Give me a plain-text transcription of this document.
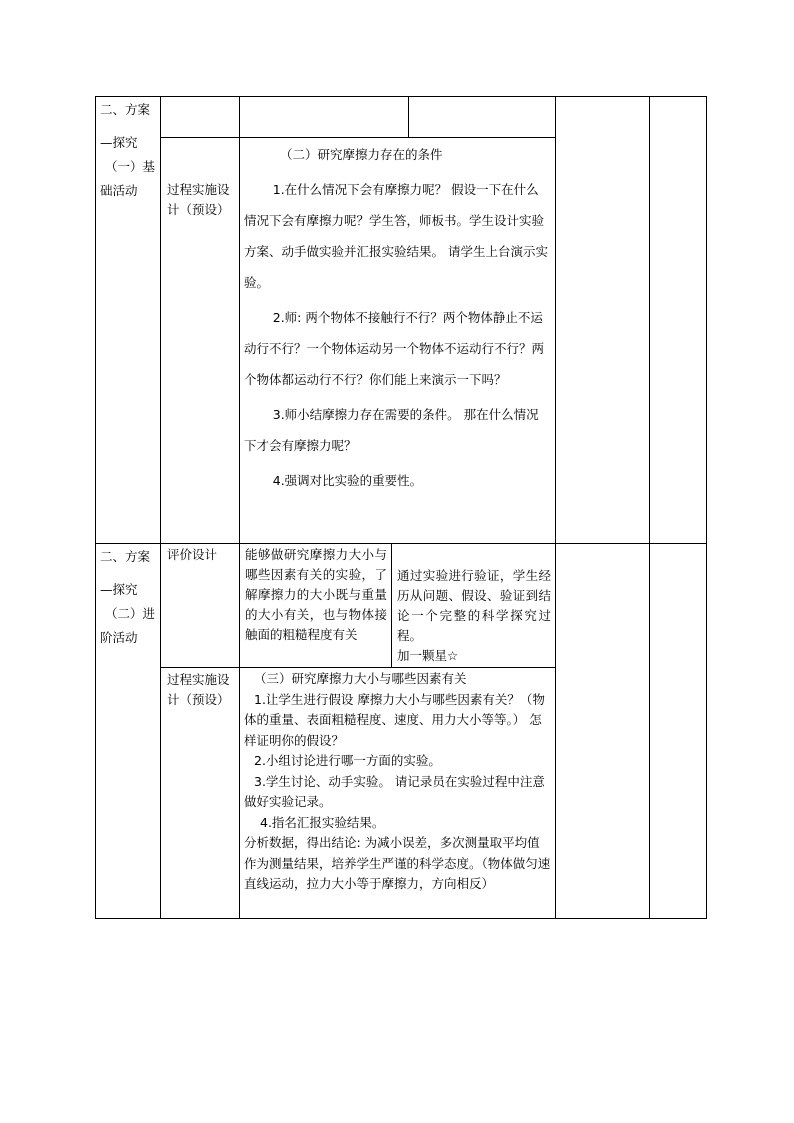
二、方案
—探究
（一）基
础活动	过程实施设计（预设）

（二）研究摩擦力存在的条件

1.在什么情况下会有摩擦力呢？ 假设一下在什么情况下会有摩擦力呢？学生答，师板书。学生设计实验方案、动手做实验并汇报实验结果。 请学生上台演示实验。

2.师: 两个物体不接触行不行？两个物体静止不运动行不行？一个物体运动另一个物体不运动行不行？两个物体都运动行不行？你们能上来演示一下吗？

3.师小结摩擦力存在需要的条件。 那在什么情况下才会有摩擦力呢？

4.强调对比实验的重要性。

二、方案
—探究
（二）进
阶活动
评价设计	能够做研究摩擦力大小与哪些因素有关的实验，了解摩擦力的大小既与重量的大小有关，也与物体接触面的粗糙程度有关
通过实验进行验证，学生经历从问题、假设、验证到结论一个完整的科学探究过程。
加一颗星☆
过程实施设计（预设）

（三）研究摩擦力大小与哪些因素有关

1.让学生进行假设 摩擦力大小与哪些因素有关？（物体的重量、表面粗糙程度、速度、用力大小等等。） 怎样证明你的假设？

2.小组讨论进行哪一方面的实验。

3.学生讨论、动手实验。 请记录员在实验过程中注意做好实验记录。

4.指名汇报实验结果。

分析数据，得出结论: 为减小误差，多次测量取平均值作为测量结果，培养学生严谨的科学态度。（物体做匀速直线运动，拉力大小等于摩擦力，方向相反）
